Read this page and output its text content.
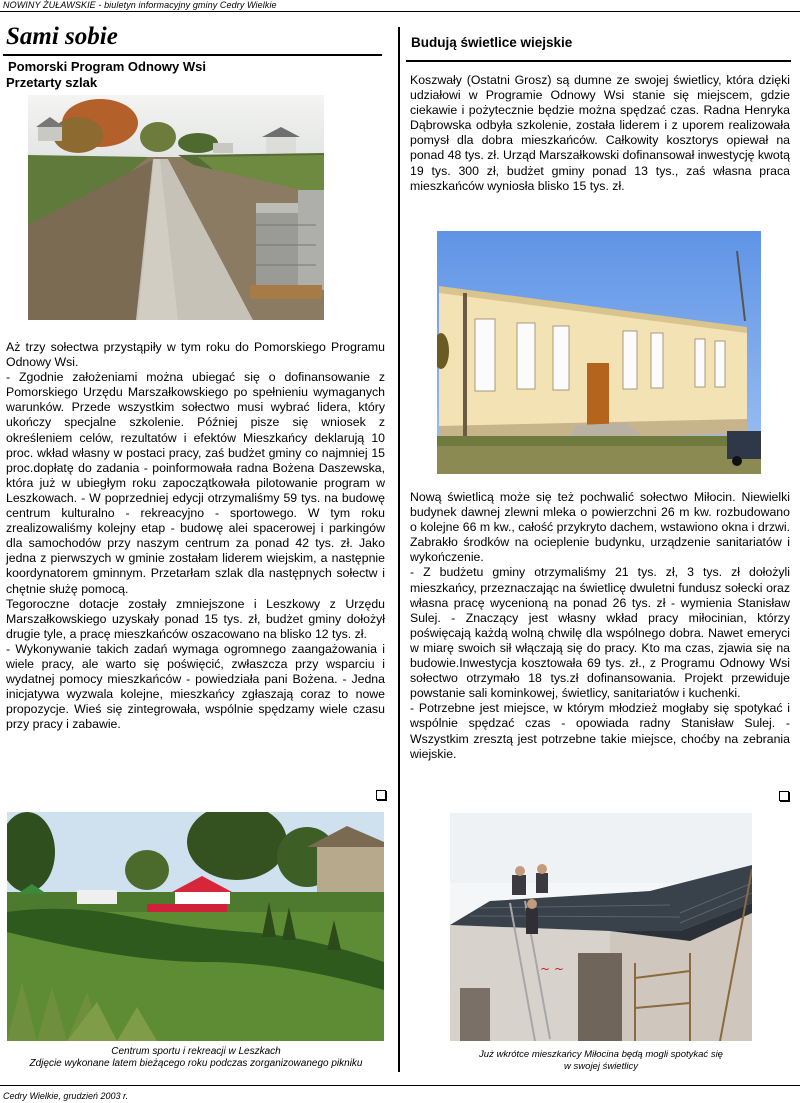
NOWINY ŻUŁAWSKIE - biuletyn informacyjny gminy Cedry Wielkie
Sami sobie
Pomorski Program Odnowy Wsi
Przetarty szlak

Aż trzy sołectwa przystąpiły w tym roku do Pomorskiego Programu Odnowy Wsi.

- Zgodnie założeniami można ubiegać się o dofinansowanie z Pomorskiego Urzędu Marszałkowskiego po spełnieniu wymaganych warunków. Przede wszystkim sołectwo musi wybrać lidera, który ukończy specjalne szkolenie. Później pisze się wniosek z określeniem celów, rezultatów i efektów Mieszkańcy deklarują 10 proc. wkład własny w postaci pracy, zaś budżet gminy co najmniej 15 proc.dopłatę do zadania - poinformowała radna Bożena Daszewska, która już w ubiegłym roku zapoczątkowała pilotowanie program w Leszkowach. - W poprzedniej edycji otrzymaliśmy 59 tys. na budowę centrum kulturalno - rekreacyjno - sportowego. W tym roku zrealizowaliśmy kolejny etap - budowę alei spacerowej i parkingów dla samochodów przy naszym centrum za ponad 42 tys. zł. Jako jedna z pierwszych w gminie zostałam liderem wiejskim, a następnie koordynatorem gminnym. Przetarłam szlak dla następnych sołectw i chętnie służę pomocą.

Tegoroczne dotacje zostały zmniejszone i Leszkowy z Urzędu Marszałkowskiego uzyskały ponad 15 tys. zł, budżet gminy dołożył drugie tyle, a pracę mieszkańców oszacowano na blisko 12 tys. zł.

- Wykonywanie takich zadań wymaga ogromnego zaangażowania i wiele pracy, ale warto się poświęcić, zwłaszcza przy wsparciu i wydatnej pomocy mieszkańców - powiedziała pani Bożena. - Jedna inicjatywa wyzwala kolejne, mieszkańcy zgłaszają coraz to nowe propozycje. Wieś się zintegrowała, wspólnie spędzamy wiele czasu przy pracy i zabawie.

Centrum sportu i rekreacji w Leszkach
Zdjęcie wykonane latem bieżącego roku podczas zorganizowanego pikniku
Budują świetlice wiejskie

Koszwały (Ostatni Grosz) są dumne ze swojej świetlicy, która dzięki udziałowi w Programie Odnowy Wsi stanie się miejscem, gdzie ciekawie i pożytecznie będzie można spędzać czas. Radna Henryka Dąbrowska odbyła szkolenie, została liderem i z uporem realizowała pomysł dla dobra mieszkańców. Całkowity kosztorys opiewał na ponad 48 tys. zł. Urząd Marszałkowski dofinansował inwestycję kwotą 19 tys. 300 zł, budżet gminy ponad 13 tys., zaś własna praca mieszkańców wyniosła blisko 15 tys. zł.

Nową świetlicą może się też pochwalić sołectwo Miłocin. Niewielki budynek dawnej zlewni mleka o powierzchni 26 m kw. rozbudowano o kolejne 66 m kw., całość przykryto dachem, wstawiono okna i drzwi. Zabrakło środków na ocieplenie budynku, urządzenie sanitariatów i wykończenie.

- Z budżetu gminy otrzymaliśmy 21 tys. zł, 3 tys. zł dołożyli mieszkańcy, przeznaczając na świetlicę dwuletni fundusz sołecki oraz własna pracę wycenioną na ponad 26 tys. zł - wymienia Stanisław Sulej. - Znaczący jest własny wkład pracy miłocinian, którzy poświęcają każdą wolną chwilę dla wspólnego dobra. Nawet emeryci w miarę swoich sił włączają się do pracy. Kto ma czas, zjawia się na budowie.Inwestycja kosztowała 69 tys. zł., z Programu Odnowy Wsi sołectwo otrzymało 18 tys.zł dofinansowania. Projekt przewiduje powstanie sali kominkowej, świetlicy, sanitariatów i kuchenki.

- Potrzebne jest miejsce, w którym młodzież mogłaby się spotykać i wspólnie spędzać czas - opowiada radny Stanisław Sulej. - Wszystkim zresztą jest potrzebne takie miejsce, choćby na zebrania wiejskie.

~ ~
Już wkrótce mieszkańcy Miłocina będą mogli spotykać się
w swojej świetlicy
Cedry Wielkie, grudzień 2003 r.
